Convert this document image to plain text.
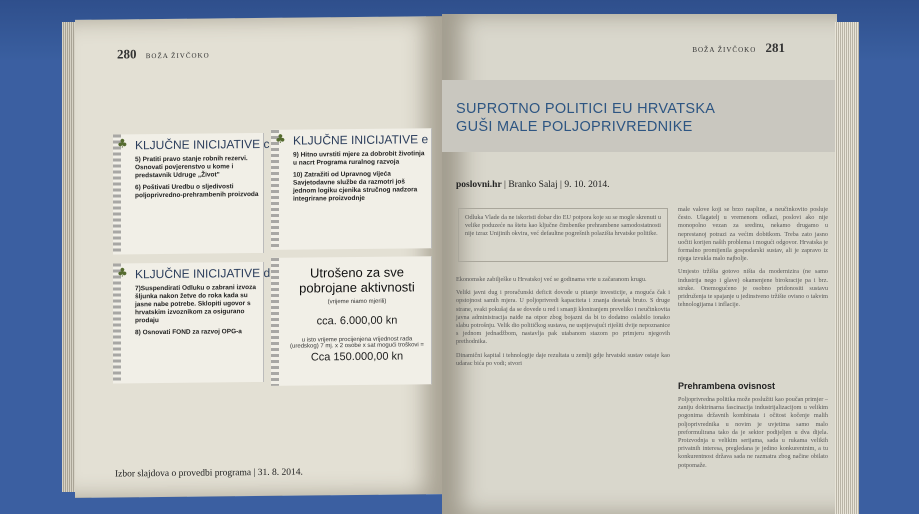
280 BOŽA ŽIVČOKO
♣ KLJUČNE INICIJATIVE c
5) Pratiti pravo stanje robnih rezervi. Osnovati povjerenstvo u kome i predstavnik Udruge „Život"
6) Poštivati Uredbu o sljedivosti poljoprivredno-prehrambenih proizvoda
♣ KLJUČNE INICIJATIVE e
9) Hitno uvrstiti mjere za dobrobit životinja u nacrt Programa ruralnog razvoja
10) Zatražiti od Upravnog vijeća Savjetodavne službe da razmotri još jednom logiku cjenika stručnog nadzora integrirane proizvodnje
♣ KLJUČNE INICIJATIVE d
7)Suspendirati Odluku o zabrani izvoza šljunka nakon žetve do roka kada su jasne nabe potrebe. Sklopiti ugovor s hrvatskim izvoznikom za osigurano prodaju
8) Osnovati FOND za razvoj OPG-a
Utrošeno za sve pobrojane aktivnosti
(vrijeme niamo mjerili)
cca. 6.000,00 kn
u isto vrijeme procijenjena vrijednost rada (uredskog) 7 mj. x 2 osobe x sat mogući troškovi =
Cca 150.000,00 kn
Izbor slajdova o provedbi programa | 31. 8. 2014.
BOŽA ŽIVČOKO 281
SUPROTNO POLITICI EU HRVATSKA
GUŠI MALE POLJOPRIVREDNIKE
poslovni.hr | Branko Salaj | 9. 10. 2014.
Odluka Vlade da ne iskoristi dobar dio EU potpora koje su se mogle skrenuti u velike poduzeće na štetu kao ključne čimbenike prehrambene samodostatnosti nije izraz Unijinih okvira, već defaultne pogrešnih polazišta hrvatske politike.

Ekonomske zabilješke u Hrvatskoj već se godinama vrte u začaranom krugu.

Veliki javni dug i proračunski deficit dovode u pitanje investicije, a moguća čak i opstojnost samih mjera. U poljoprivredi kapaciteta i znanja desetak bruto. S druge strane, svaki pokušaj da se dovede u red i smanji kloniranjem preveliko i neučinkovita javna administracija naiđe na otpor zbog bojazni da bi to dodatno oslabilo ionako slabu potrošnju. Velik dio političkog sustava, ne uspijevajući riješiti dvije nepoznanice s jednom jednadžbom, nastavlja pak utabanom stazom po primjeru njegovih prethodnika.

Dinamični kapital i tehnologije daje rezultata u zemlji gdje hrvatski sustav ostaje kao udarac bića po vodi; stvori

male valove koji se brzo raspline, a neučinkovito posluje često. Ulagatelj u vremenom odlazi, poslovi ako nije monopolno vezan za sredinu, nekamo drugamo u neprestanoj potrazi za većim dobitkom. Treba zato jasno uočiti korijen naših problema i mogući odgovor. Hrvatska je formalno promijenila gospodarski sustav, ali je zapravo iz njega izvukla malo najbolje.

Umjesto tržišta gotovo ništa da modernizira (ne samo industrija nego i glave) okamenjene birokracije pa i brz. struke. Onemogućeno je osobno pridonositi sustavu pridruženja te spajanje u jedinstveno tržište ovisno o takvim tehnologijama i inflacije.

Prehrambena ovisnost

Poljoprivredna politika može poslužiti kao poučan primjer – zaniju doktrinarna fascinacija industrijalizacijom u velikim pogonima državnih kombinata i očitost kočenje malih poljoprivrednika u novim je uvjetima samo malo preformulirana tako da je sektor podijeljen u dva dijela. Proizvodnja u velikim serijama, sada u rukama velikih privatnih interesa, pregledana je jedino konkurentnim, a tu konkurentnost država sada ne razmatra zbog načine obilato potpomaže.
